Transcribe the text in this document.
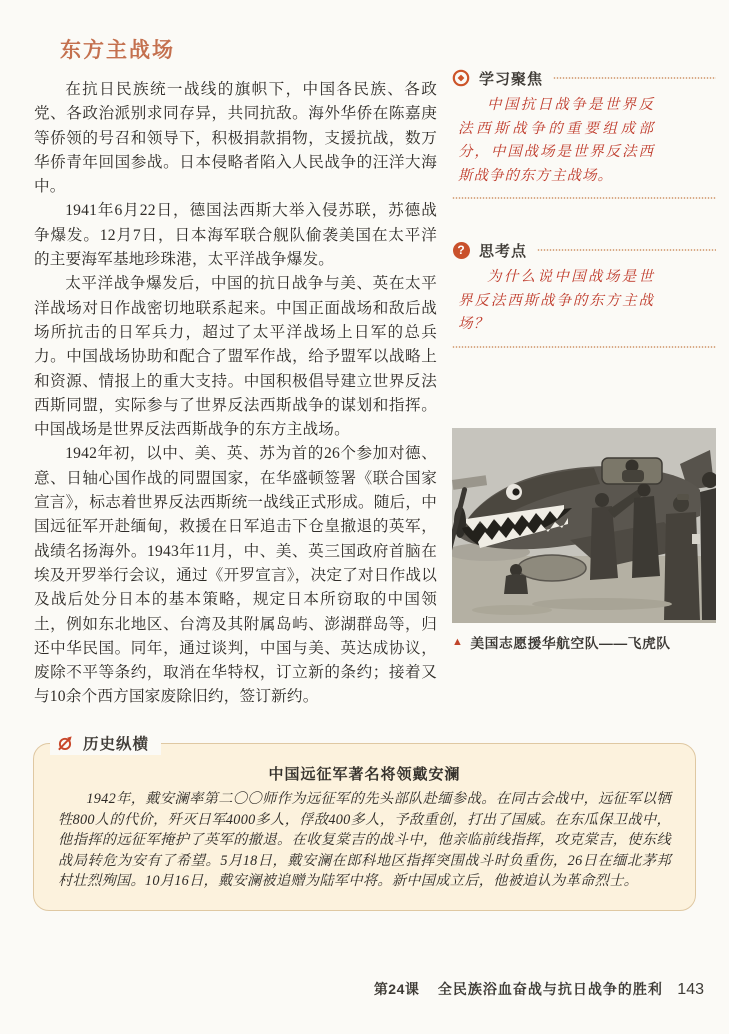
东方主战场

在抗日民族统一战线的旗帜下，中国各民族、各政党、各政治派别求同存异，共同抗敌。海外华侨在陈嘉庚等侨领的号召和领导下，积极捐款捐物，支援抗战，数万华侨青年回国参战。日本侵略者陷入人民战争的汪洋大海中。

1941年6月22日，德国法西斯大举入侵苏联，苏德战争爆发。12月7日，日本海军联合舰队偷袭美国在太平洋的主要海军基地珍珠港，太平洋战争爆发。

太平洋战争爆发后，中国的抗日战争与美、英在太平洋战场对日作战密切地联系起来。中国正面战场和敌后战场所抗击的日军兵力，超过了太平洋战场上日军的总兵力。中国战场协助和配合了盟军作战，给予盟军以战略上和资源、情报上的重大支持。中国积极倡导建立世界反法西斯同盟，实际参与了世界反法西斯战争的谋划和指挥。中国战场是世界反法西斯战争的东方主战场。

1942年初，以中、美、英、苏为首的26个参加对德、意、日轴心国作战的同盟国家，在华盛顿签署《联合国家宣言》，标志着世界反法西斯统一战线正式形成。随后，中国远征军开赴缅甸，救援在日军追击下仓皇撤退的英军，战绩名扬海外。1943年11月，中、美、英三国政府首脑在埃及开罗举行会议，通过《开罗宣言》，决定了对日作战以及战后处分日本的基本策略，规定日本所窃取的中国领土，例如东北地区、台湾及其附属岛屿、澎湖群岛等，归还中华民国。同年，通过谈判，中国与美、英达成协议，废除不平等条约，取消在华特权，订立新的条约；接着又与10余个西方国家废除旧约，签订新约。

学习聚焦

中国抗日战争是世界反法西斯战争的重要组成部分，中国战场是世界反法西斯战争的东方主战场。

? 思考点

为什么说中国战场是世界反法西斯战争的东方主战场？

▲ 美国志愿援华航空队——飞虎队
历史纵横
中国远征军著名将领戴安澜

1942年，戴安澜率第二〇〇师作为远征军的先头部队赴缅参战。在同古会战中，远征军以牺牲800人的代价，歼灭日军4000多人，俘敌400多人，予敌重创，打出了国威。在东瓜保卫战中，他指挥的远征军掩护了英军的撤退。在收复棠吉的战斗中，他亲临前线指挥，攻克棠吉，使东线战局转危为安有了希望。5月18日，戴安澜在郎科地区指挥突围战斗时负重伤，26日在缅北茅邦村壮烈殉国。10月16日，戴安澜被追赠为陆军中将。新中国成立后，他被追认为革命烈士。

第24课 全民族浴血奋战与抗日战争的胜利 143
